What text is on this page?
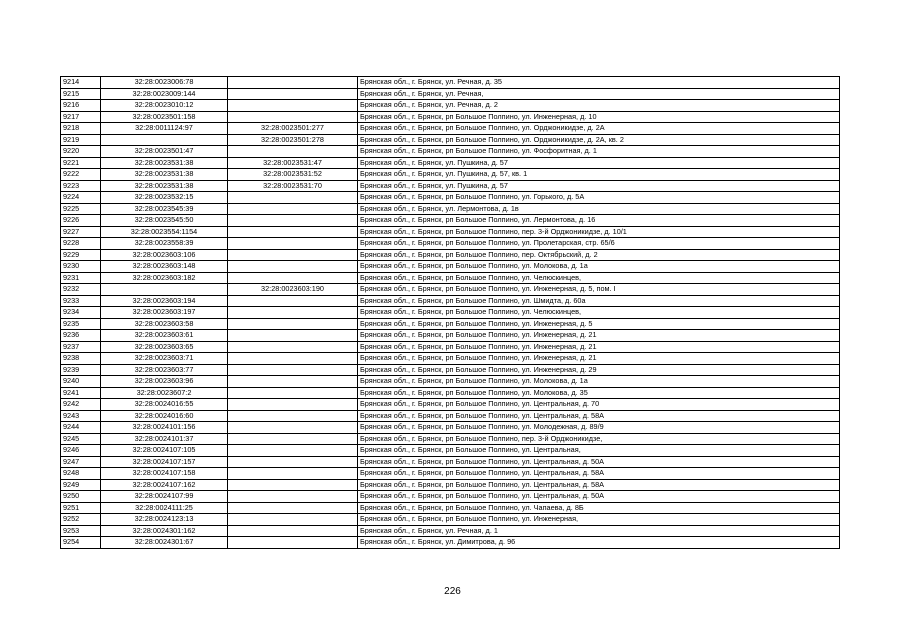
9214	32:28:0023006:78		Брянская обл., г. Брянск, ул. Речная, д. 35
9215	32:28:0023009:144		Брянская обл., г. Брянск, ул. Речная,
9216	32:28:0023010:12		Брянская обл., г. Брянск, ул. Речная, д. 2
9217	32:28:0023501:158		Брянская обл., г. Брянск, рп Большое Полпино, ул. Инженерная, д. 10
9218	32:28:0011124:97	32:28:0023501:277	Брянская обл., г. Брянск, рп Большое Полпино, ул. Орджоникидзе, д. 2А
9219		32:28:0023501:278	Брянская обл., г. Брянск, рп Большое Полпино, ул. Орджоникидзе, д. 2А, кв. 2
9220	32:28:0023501:47		Брянская обл., г. Брянск, рп Большое Полпино, ул. Фосфоритная, д. 1
9221	32:28:0023531:38	32:28:0023531:47	Брянская обл., г. Брянск, ул. Пушкина, д. 57
9222	32:28:0023531:38	32:28:0023531:52	Брянская обл., г. Брянск, ул. Пушкина, д. 57, кв. 1
9223	32:28:0023531:38	32:28:0023531:70	Брянская обл., г. Брянск, ул. Пушкина, д. 57
9224	32:28:0023532:15		Брянская обл., г. Брянск, рп Большое Полпино, ул. Горького, д. 5А
9225	32:28:0023545:39		Брянская обл., г. Брянск, ул. Лермонтова, д. 1в
9226	32:28:0023545:50		Брянская обл., г. Брянск, рп Большое Полпино, ул. Лермонтова, д. 16
9227	32:28:0023554:1154		Брянская обл., г. Брянск, рп Большое Полпино, пер. 3-й Орджоникидзе, д. 10/1
9228	32:28:0023558:39		Брянская обл., г. Брянск, рп Большое Полпино, ул. Пролетарская, стр. 65/6
9229	32:28:0023603:106		Брянская обл., г. Брянск, рп Большое Полпино, пер. Октябрьский, д. 2
9230	32:28:0023603:148		Брянская обл., г. Брянск, рп Большое Полпино, ул. Молокова, д. 1а
9231	32:28:0023603:182		Брянская обл., г. Брянск, рп Большое Полпино, ул. Челюскинцев,
9232		32:28:0023603:190	Брянская обл., г. Брянск, рп Большое Полпино, ул. Инженерная, д. 5, пом. I
9233	32:28:0023603:194		Брянская обл., г. Брянск, рп Большое Полпино, ул. Шмидта, д. 60а
9234	32:28:0023603:197		Брянская обл., г. Брянск, рп Большое Полпино, ул. Челюскинцев,
9235	32:28:0023603:58		Брянская обл., г. Брянск, рп Большое Полпино, ул. Инженерная, д. 5
9236	32:28:0023603:61		Брянская обл., г. Брянск, рп Большое Полпино, ул. Инженерная, д. 21
9237	32:28:0023603:65		Брянская обл., г. Брянск, рп Большое Полпино, ул. Инженерная, д. 21
9238	32:28:0023603:71		Брянская обл., г. Брянск, рп Большое Полпино, ул. Инженерная, д. 21
9239	32:28:0023603:77		Брянская обл., г. Брянск, рп Большое Полпино, ул. Инженерная, д. 29
9240	32:28:0023603:96		Брянская обл., г. Брянск, рп Большое Полпино, ул. Молокова, д. 1а
9241	32:28:0023607:2		Брянская обл., г. Брянск, рп Большое Полпино, ул. Молокова, д. 35
9242	32:28:0024016:55		Брянская обл., г. Брянск, рп Большое Полпино, ул. Центральная, д. 70
9243	32:28:0024016:60		Брянская обл., г. Брянск, рп Большое Полпино, ул. Центральная, д. 58А
9244	32:28:0024101:156		Брянская обл., г. Брянск, рп Большое Полпино, ул. Молодежная, д. 89/9
9245	32:28:0024101:37		Брянская обл., г. Брянск, рп Большое Полпино, пер. 3-й Орджоникидзе,
9246	32:28:0024107:105		Брянская обл., г. Брянск, рп Большое Полпино, ул. Центральная,
9247	32:28:0024107:157		Брянская обл., г. Брянск, рп Большое Полпино, ул. Центральная, д. 50А
9248	32:28:0024107:158		Брянская обл., г. Брянск, рп Большое Полпино, ул. Центральная, д. 58А
9249	32:28:0024107:162		Брянская обл., г. Брянск, рп Большое Полпино, ул. Центральная, д. 58А
9250	32:28:0024107:99		Брянская обл., г. Брянск, рп Большое Полпино, ул. Центральная, д. 50А
9251	32:28:0024111:25		Брянская обл., г. Брянск, рп Большое Полпино, ул. Чапаева, д. 8Б
9252	32:28:0024123:13		Брянская обл., г. Брянск, рп Большое Полпино, ул. Инженерная,
9253	32:28:0024301:162		Брянская обл., г. Брянск, ул. Речная, д. 1
9254	32:28:0024301:67		Брянская обл., г. Брянск, ул. Димитрова, д. 96
226
